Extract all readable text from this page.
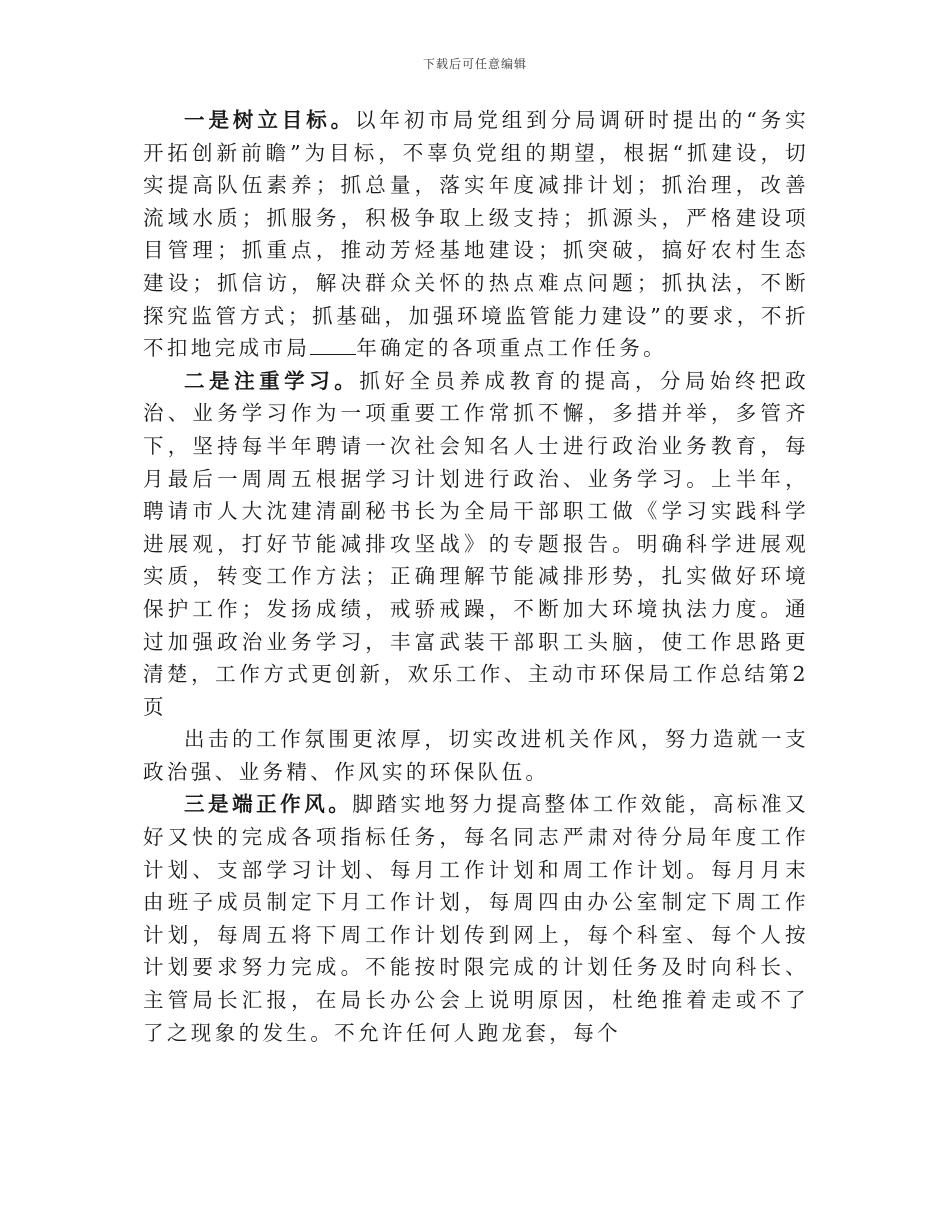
下载后可任意编辑

一是树立目标。以年初市局党组到分局调研时提出的“务实开拓创新前瞻”为目标，不辜负党组的期望，根据“抓建设，切实提高队伍素养；抓总量，落实年度减排计划；抓治理，改善流域水质；抓服务，积极争取上级支持；抓源头，严格建设项目管理；抓重点，推动芳烃基地建设；抓突破，搞好农村生态建设；抓信访，解决群众关怀的热点难点问题；抓执法，不断探究监管方式；抓基础，加强环境监管能力建设”的要求，不折不扣地完成市局 年确定的各项重点工作任务。

二是注重学习。抓好全员养成教育的提高，分局始终把政治、业务学习作为一项重要工作常抓不懈，多措并举，多管齐下，坚持每半年聘请一次社会知名人士进行政治业务教育，每月最后一周周五根据学习计划进行政治、业务学习。上半年，聘请市人大沈建清副秘书长为全局干部职工做《学习实践科学进展观，打好节能减排攻坚战》的专题报告。明确科学进展观实质，转变工作方法；正确理解节能减排形势，扎实做好环境保护工作；发扬成绩，戒骄戒躁，不断加大环境执法力度。通过加强政治业务学习，丰富武装干部职工头脑，使工作思路更清楚，工作方式更创新，欢乐工作、主动市环保局工作总结第2页

出击的工作氛围更浓厚，切实改进机关作风，努力造就一支政治强、业务精、作风实的环保队伍。

三是端正作风。脚踏实地努力提高整体工作效能，高标准又好又快的完成各项指标任务，每名同志严肃对待分局年度工作计划、支部学习计划、每月工作计划和周工作计划。每月月末由班子成员制定下月工作计划，每周四由办公室制定下周工作计划，每周五将下周工作计划传到网上，每个科室、每个人按计划要求努力完成。不能按时限完成的计划任务及时向科长、主管局长汇报，在局长办公会上说明原因，杜绝推着走或不了了之现象的发生。不允许任何人跑龙套，每个
